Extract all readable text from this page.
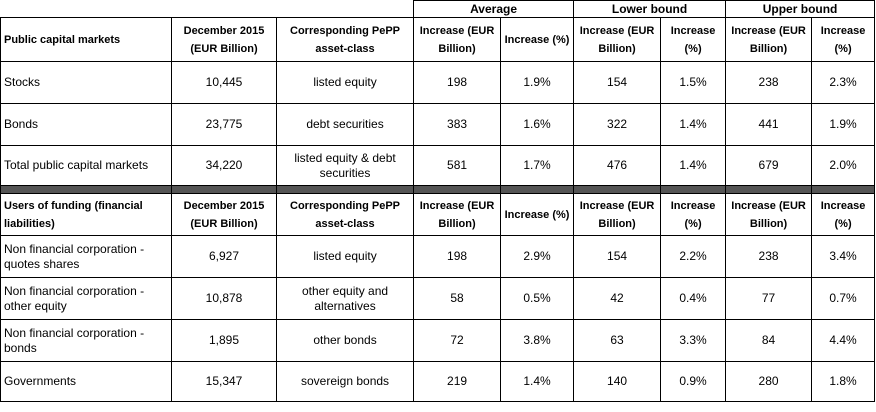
			Average		Lower bound		Upper bound	
Public capital markets	December 2015 (EUR Billion)	Corresponding PePP asset-class	Increase (EUR Billion)	Increase (%)	Increase (EUR Billion)	Increase (%)	Increase (EUR Billion)	Increase (%)
Stocks	10,445	listed equity	198	1.9%	154	1.5%	238	2.3%
Bonds	23,775	debt securities	383	1.6%	322	1.4%	441	1.9%
Total public capital markets	34,220	listed equity & debt securities	581	1.7%	476	1.4%	679	2.0%

Users of funding (financial liabilities)	December 2015 (EUR Billion)	Corresponding PePP asset-class	Increase (EUR Billion)	Increase (%)	Increase (EUR Billion)	Increase (%)	Increase (EUR Billion)	Increase (%)
Non financial corporation - quotes shares	6,927	listed equity	198	2.9%	154	2.2%	238	3.4%
Non financial corporation - other equity	10,878	other equity and alternatives	58	0.5%	42	0.4%	77	0.7%
Non financial corporation - bonds	1,895	other bonds	72	3.8%	63	3.3%	84	4.4%
Governments	15,347	sovereign bonds	219	1.4%	140	0.9%	280	1.8%
